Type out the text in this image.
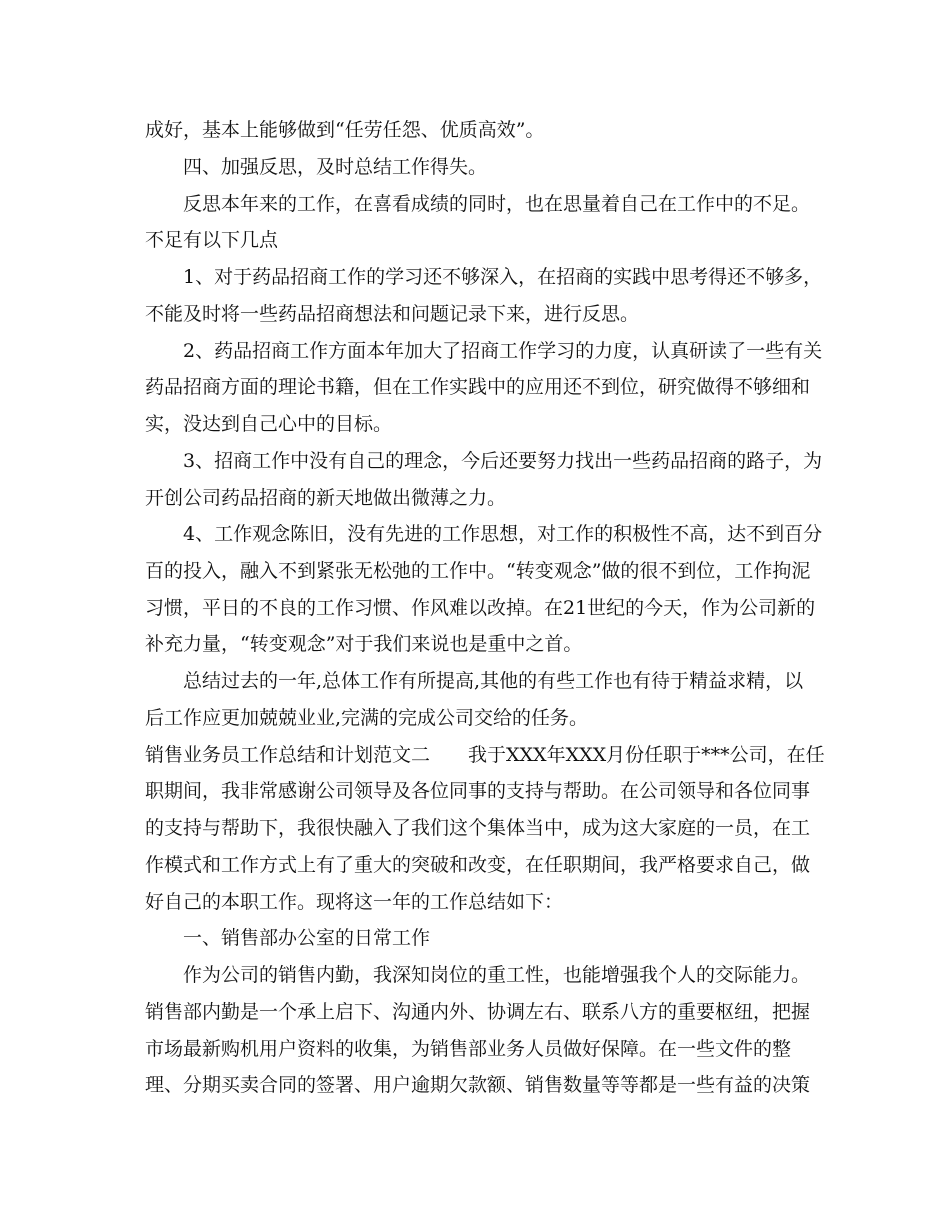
成好，基本上能够做到“任劳任怨、优质高效”。
四、加强反思，及时总结工作得失。
反思本年来的工作，在喜看成绩的同时，也在思量着自己在工作中的不足。
不足有以下几点
1、对于药品招商工作的学习还不够深入，在招商的实践中思考得还不够多，
不能及时将一些药品招商想法和问题记录下来，进行反思。
2、药品招商工作方面本年加大了招商工作学习的力度，认真研读了一些有关
药品招商方面的理论书籍，但在工作实践中的应用还不到位，研究做得不够细和
实，没达到自己心中的目标。
3、招商工作中没有自己的理念，今后还要努力找出一些药品招商的路子，为
开创公司药品招商的新天地做出微薄之力。
4、工作观念陈旧，没有先进的工作思想，对工作的积极性不高，达不到百分
百的投入，融入不到紧张无松弛的工作中。“转变观念”做的很不到位，工作拘泥
习惯，平日的不良的工作习惯、作风难以改掉。在21世纪的今天，作为公司新的
补充力量，“转变观念”对于我们来说也是重中之首。
总结过去的一年,总体工作有所提高,其他的有些工作也有待于精益求精，以
后工作应更加兢兢业业,完满的完成公司交给的任务。
销售业务员工作总结和计划范文二　　我于XXX年XXX月份任职于***公司，在任
职期间，我非常感谢公司领导及各位同事的支持与帮助。在公司领导和各位同事
的支持与帮助下，我很快融入了我们这个集体当中，成为这大家庭的一员，在工
作模式和工作方式上有了重大的突破和改变，在任职期间，我严格要求自己，做
好自己的本职工作。现将这一年的工作总结如下：
一、销售部办公室的日常工作
作为公司的销售内勤，我深知岗位的重工性，也能增强我个人的交际能力。
销售部内勤是一个承上启下、沟通内外、协调左右、联系八方的重要枢纽，把握
市场最新购机用户资料的收集，为销售部业务人员做好保障。在一些文件的整
理、分期买卖合同的签署、用户逾期欠款额、销售数量等等都是一些有益的决策
